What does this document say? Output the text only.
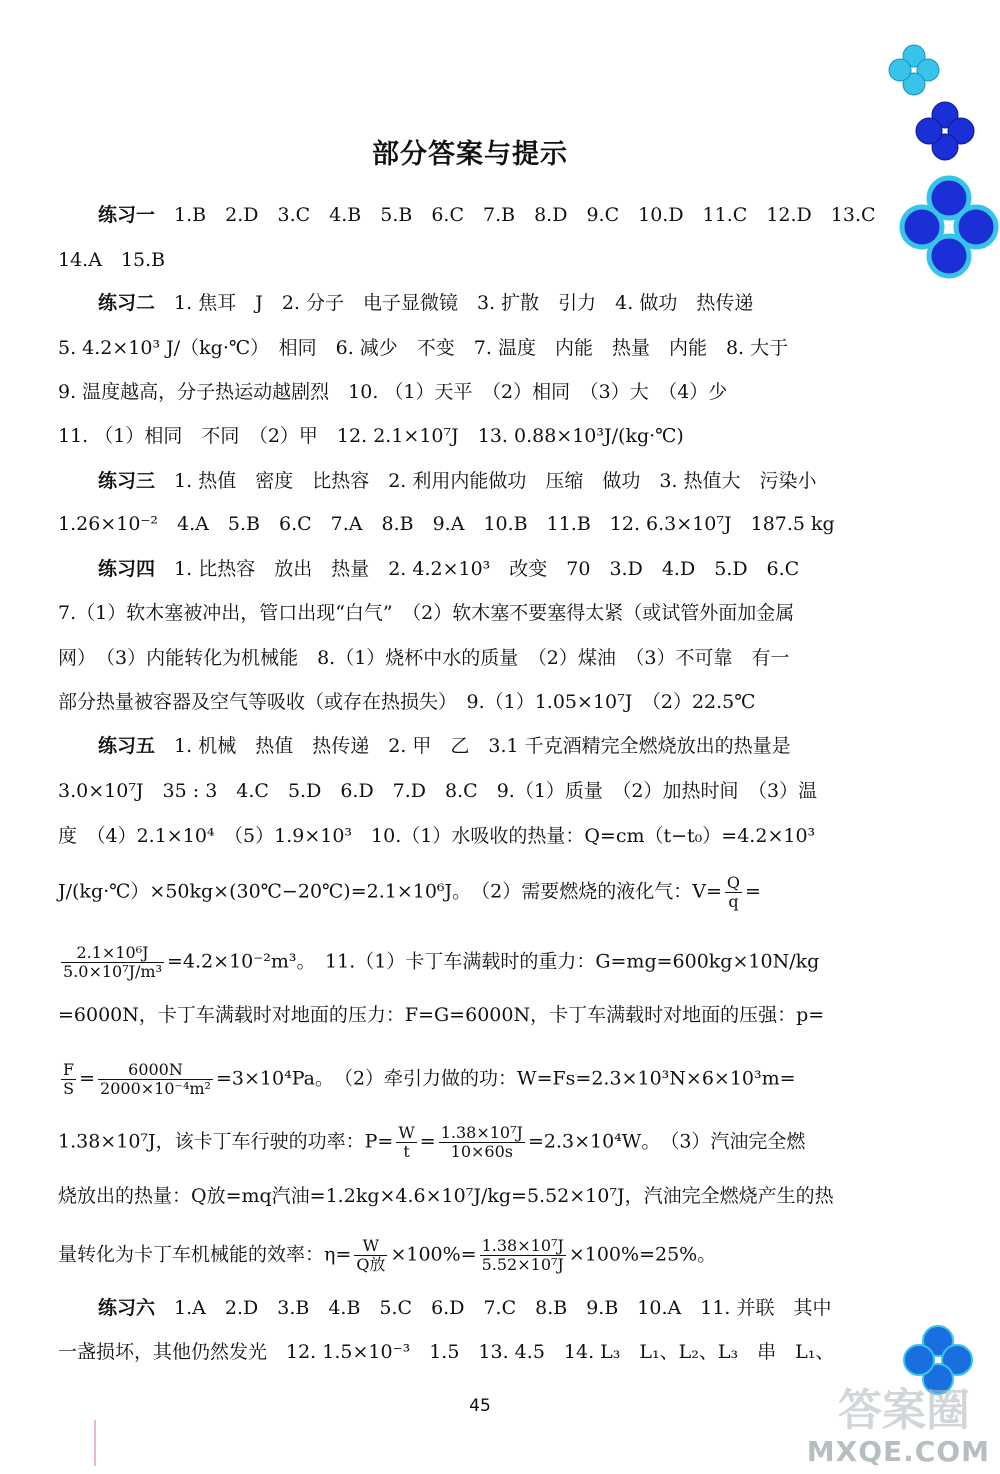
部分答案与提示
练习一　 1.B　2.D　3.C　4.B　5.B　6.C　7.B　8.D　9.C　10.D　11.C　12.D　13.C
14.A　15.B
练习二　 1. 焦耳　J　2. 分子　电子显微镜　3. 扩散　引力　4. 做功　热传递
5. 4.2×10³ J/（kg·℃）　相同　6. 减少　不变　7. 温度　内能　热量　内能　8. 大于
9. 温度越高，分子热运动越剧烈　10. （1）天平　（2）相同　（3）大　（4）少
11. （1）相同　不同　（2）甲　12. 2.1×10⁷J　13. 0.88×10³J/(kg·℃)
练习三　 1. 热值　密度　比热容　2. 利用内能做功　压缩　做功　3. 热值大　污染小
1.26×10⁻²　4.A　5.B　6.C　7.A　8.B　9.A　10.B　11.B　12. 6.3×10⁷J　187.5 kg
练习四　 1. 比热容　放出　热量　2. 4.2×10³　改变　70　3.D　4.D　5.D　6.C
7.（1）软木塞被冲出，管口出现“白气”　（2）软木塞不要塞得太紧（或试管外面加金属
网）　（3）内能转化为机械能　8.（1）烧杯中水的质量　（2）煤油　（3）不可靠　有一
部分热量被容器及空气等吸收（或存在热损失）　9.（1）1.05×10⁷J　（2）22.5℃
练习五　 1. 机械　热值　热传递　2. 甲　乙　3.1 千克酒精完全燃烧放出的热量是
3.0×10⁷J　35 : 3　4.C　5.D　6.D　7.D　8.C　9.（1）质量　（2）加热时间　（3）温
度　（4）2.1×10⁴　（5）1.9×10³　10.（1）水吸收的热量：Q=cm（t−t₀）=4.2×10³
J/(kg·℃）×50kg×(30℃−20℃)=2.1×10⁶J。　（2）需要燃烧的液化气：$V= \frac{Q}{q}$ =
$\frac{\text{2.1×10⁶J}}{\text{5.0×10⁷J/m³}} =4.2\times 10^{-2}m^3$。　11.（1）卡丁车满载时的重力：G=mg=600kg×10N/kg
=6000N，卡丁车满载时对地面的压力：F=G=6000N，卡丁车满载时对地面的压强：p=
$\frac{F}{S} = \frac{6000N}{\text{2000×10⁻⁴m²}} =3\times 10^4Pa$。　（2）牵引力做的功：W=Fs=2.3×10³N×6×10³m=
1.38×10⁷J，该卡丁车行驶的功率：$P= \frac{W}{t} = \frac{\text{1.38×10⁷J}}{10\times 60s} =2.3\times 10^4W$。　（3）汽油完全燃
烧放出的热量：Q放=mq汽油=1.2kg×4.6×10⁷J/kg=5.52×10⁷J，汽油完全燃烧产生的热
量转化为卡丁车机械能的效率：$\eta= \frac{W}{\text{Q放}} \times 100\%= \frac{\text{1.38×10⁷J}}{\text{5.52×10⁷J}} \times 100\%=25\%$。
练习六　 1.A　2.D　3.B　4.B　5.C　6.D　7.C　8.B　9.B　10.A　11. 并联　其中
一盏损坏，其他仍然发光　12. 1.5×10⁻³　1.5　13. 4.5　14. L₃　L₁、L₂、L₃　串　L₁、
45	答案圈
MXQE.COM
